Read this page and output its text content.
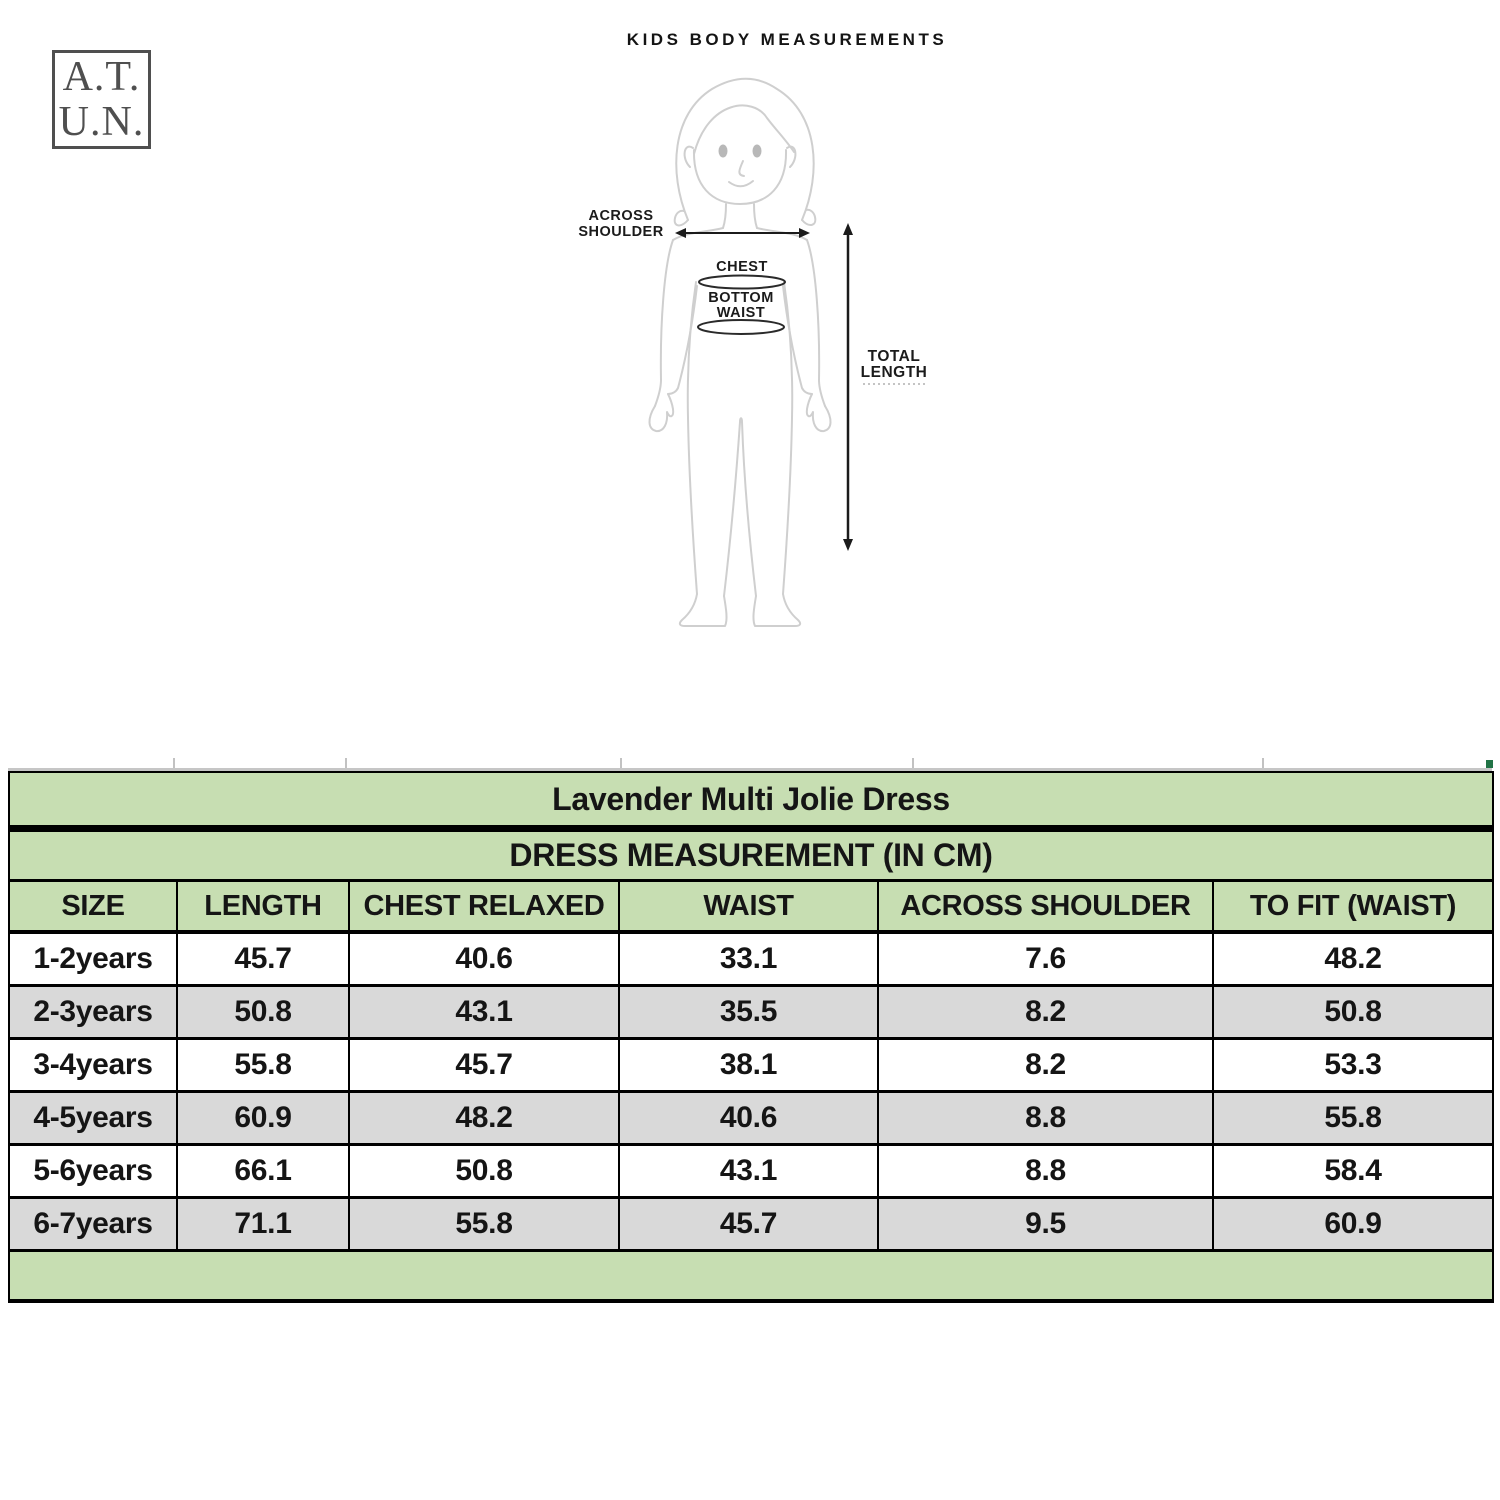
A.T.
U.N.
KIDS BODY MEASUREMENTS
ACROSS
SHOULDER
CHEST
BOTTOM
WAIST
TOTAL
LENGTH
Lavender Multi Jolie Dress					
DRESS MEASUREMENT (IN CM)					
SIZE	LENGTH	CHEST RELAXED	WAIST	ACROSS SHOULDER	TO FIT (WAIST)
1-2years	45.7	40.6	33.1	7.6	48.2
2-3years	50.8	43.1	35.5	8.2	50.8
3-4years	55.8	45.7	38.1	8.2	53.3
4-5years	60.9	48.2	40.6	8.8	55.8
5-6years	66.1	50.8	43.1	8.8	58.4
6-7years	71.1	55.8	45.7	9.5	60.9
